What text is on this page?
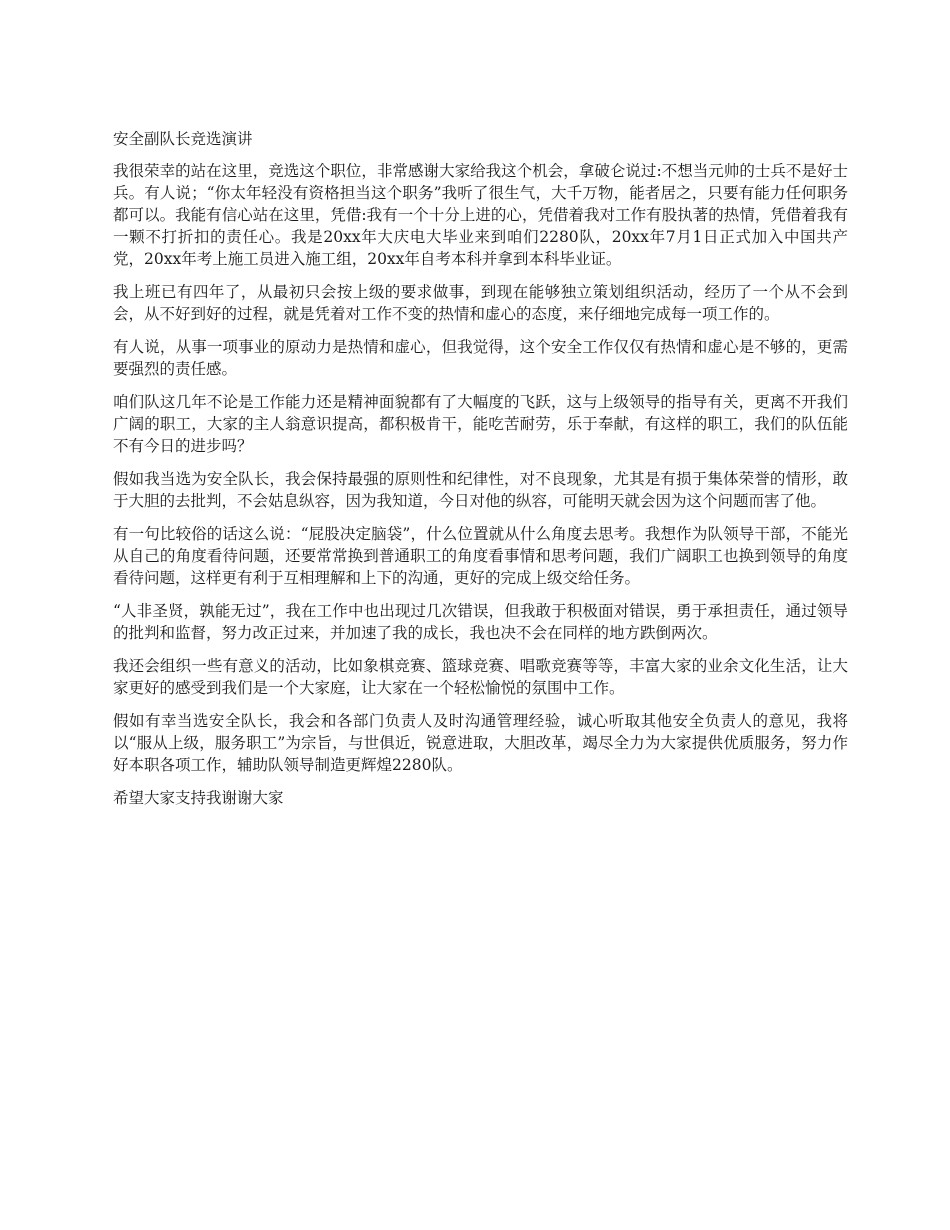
安全副队长竞选演讲

我很荣幸的站在这里，竞选这个职位，非常感谢大家给我这个机会，拿破仑说过:不想当元帅的士兵不是好士兵。有人说；“你太年轻没有资格担当这个职务”我听了很生气，大千万物，能者居之，只要有能力任何职务都可以。我能有信心站在这里，凭借:我有一个十分上进的心，凭借着我对工作有股执著的热情，凭借着我有一颗不打折扣的责任心。我是20xx年大庆电大毕业来到咱们2280队，20xx年7月1日正式加入中国共产党，20xx年考上施工员进入施工组，20xx年自考本科并拿到本科毕业证。

我上班已有四年了，从最初只会按上级的要求做事，到现在能够独立策划组织活动，经历了一个从不会到会，从不好到好的过程，就是凭着对工作不变的热情和虚心的态度，来仔细地完成每一项工作的。

有人说，从事一项事业的原动力是热情和虚心，但我觉得，这个安全工作仅仅有热情和虚心是不够的，更需要强烈的责任感。

咱们队这几年不论是工作能力还是精神面貌都有了大幅度的飞跃，这与上级领导的指导有关，更离不开我们广阔的职工，大家的主人翁意识提高，都积极肯干，能吃苦耐劳，乐于奉献，有这样的职工，我们的队伍能不有今日的进步吗？

假如我当选为安全队长，我会保持最强的原则性和纪律性，对不良现象，尤其是有损于集体荣誉的情形，敢于大胆的去批判，不会姑息纵容，因为我知道，今日对他的纵容，可能明天就会因为这个问题而害了他。

有一句比较俗的话这么说：“屁股决定脑袋”，什么位置就从什么角度去思考。我想作为队领导干部，不能光从自己的角度看待问题，还要常常换到普通职工的角度看事情和思考问题，我们广阔职工也换到领导的角度看待问题，这样更有利于互相理解和上下的沟通，更好的完成上级交给任务。

“人非圣贤，孰能无过”，我在工作中也出现过几次错误，但我敢于积极面对错误，勇于承担责任，通过领导的批判和监督，努力改正过来，并加速了我的成长，我也决不会在同样的地方跌倒两次。

我还会组织一些有意义的活动，比如象棋竞赛、篮球竞赛、唱歌竞赛等等，丰富大家的业余文化生活，让大家更好的感受到我们是一个大家庭，让大家在一个轻松愉悦的氛围中工作。

假如有幸当选安全队长，我会和各部门负责人及时沟通管理经验，诚心听取其他安全负责人的意见，我将以“服从上级，服务职工”为宗旨，与世俱近，锐意进取，大胆改革，竭尽全力为大家提供优质服务，努力作好本职各项工作，辅助队领导制造更辉煌2280队。

希望大家支持我谢谢大家
